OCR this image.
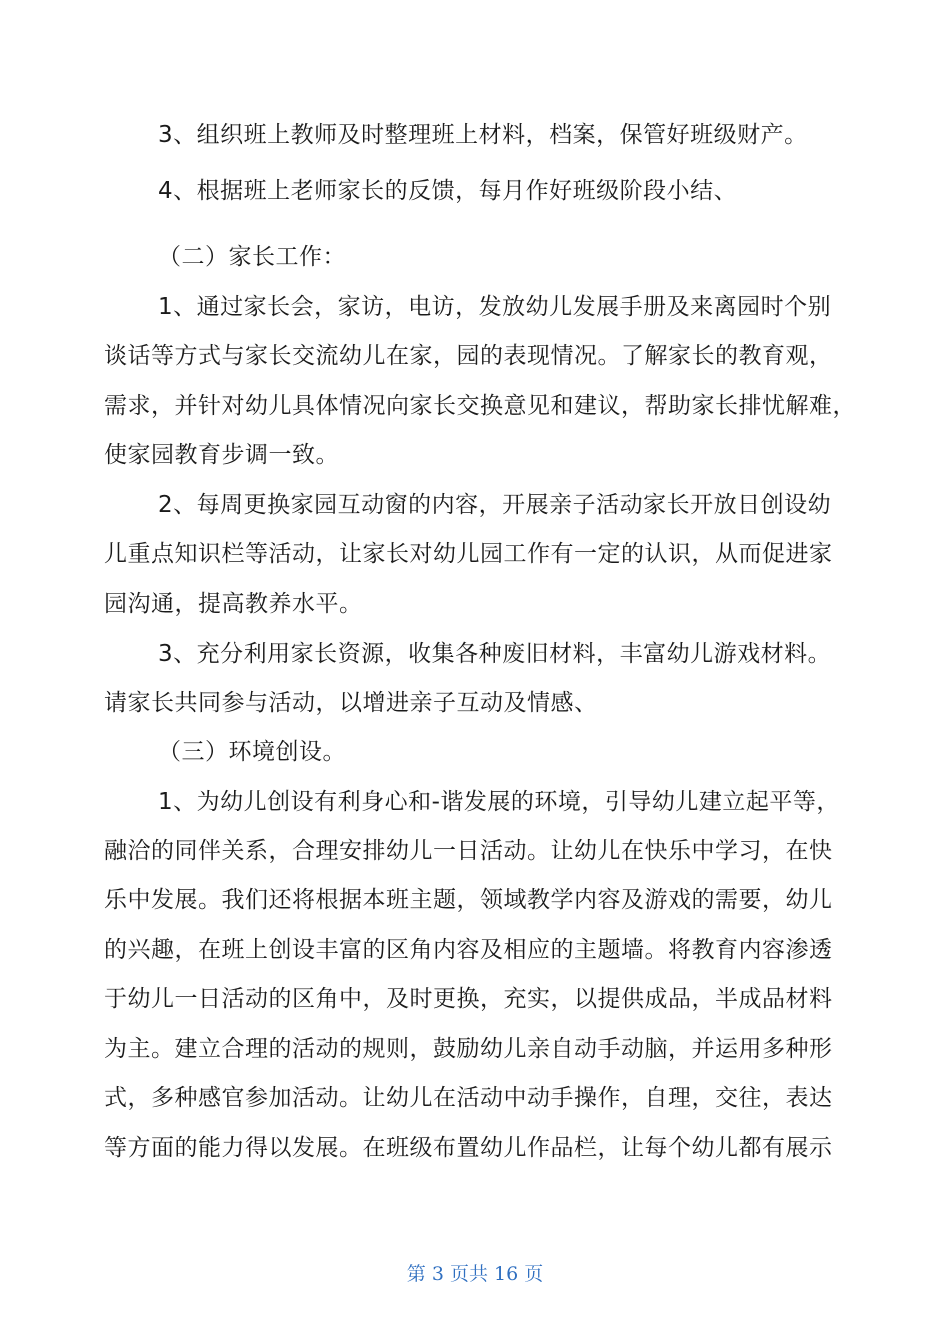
3、组织班上教师及时整理班上材料，档案，保管好班级财产。
4、根据班上老师家长的反馈，每月作好班级阶段小结、
（二）家长工作：
1、通过家长会，家访，电访，发放幼儿发展手册及来离园时个别
谈话等方式与家长交流幼儿在家，园的表现情况。了解家长的教育观，
需求，并针对幼儿具体情况向家长交换意见和建议，帮助家长排忧解难，
使家园教育步调一致。
2、每周更换家园互动窗的内容，开展亲子活动家长开放日创设幼
儿重点知识栏等活动，让家长对幼儿园工作有一定的认识，从而促进家
园沟通，提高教养水平。
3、充分利用家长资源，收集各种废旧材料，丰富幼儿游戏材料。
请家长共同参与活动，以增进亲子互动及情感、
（三）环境创设。
1、为幼儿创设有利身心和-谐发展的环境，引导幼儿建立起平等，
融洽的同伴关系，合理安排幼儿一日活动。让幼儿在快乐中学习，在快
乐中发展。我们还将根据本班主题，领域教学内容及游戏的需要，幼儿
的兴趣，在班上创设丰富的区角内容及相应的主题墙。将教育内容渗透
于幼儿一日活动的区角中，及时更换，充实，以提供成品，半成品材料
为主。建立合理的活动的规则，鼓励幼儿亲自动手动脑，并运用多种形
式，多种感官参加活动。让幼儿在活动中动手操作，自理，交往，表达
等方面的能力得以发展。在班级布置幼儿作品栏，让每个幼儿都有展示
第 3 页共 16 页
